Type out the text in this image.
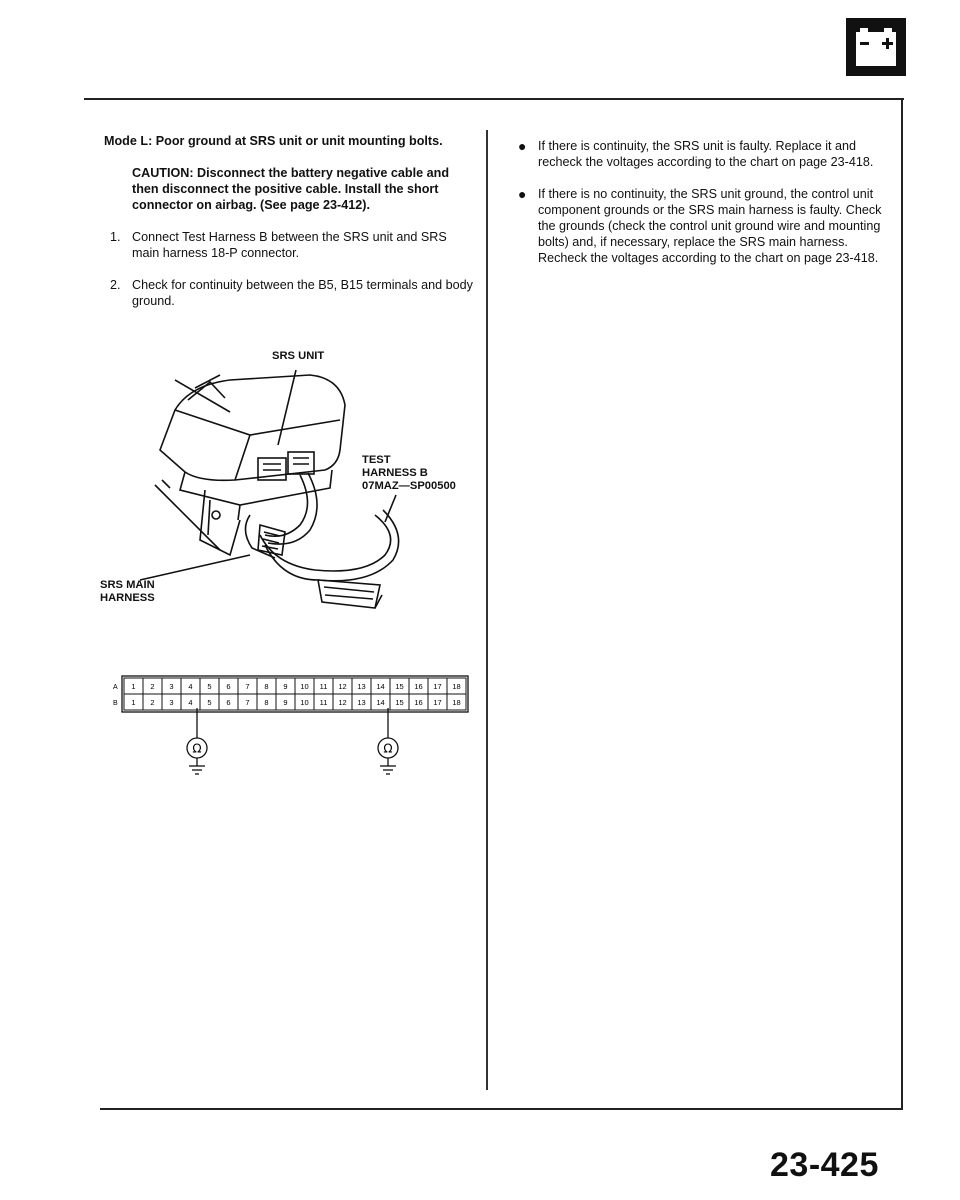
Mode L: Poor ground at SRS unit or unit mounting bolts.

CAUTION: Disconnect the battery negative cable and then disconnect the positive cable. Install the short connector on airbag. (See page 23-412).

1. Connect Test Harness B between the SRS unit and SRS main harness 18-P connector.
2. Check for continuity between the B5, B15 terminals and body ground.
SRS UNIT
TEST
HARNESS B
07MAZ—SP00500
SRS MAIN
HARNESS
A 1 2 3 4 5 6 7 8 9 10 11 12 13 14 15 16 17 18
B 1 2 3 4 5 6 7 8 9 10 11 12 13 14 15 16 17 18
Ω	Ω
● If there is continuity, the SRS unit is faulty. Replace it and recheck the voltages according to the chart on page 23-418.
● If there is no continuity, the SRS unit ground, the control unit component grounds or the SRS main harness is faulty. Check the grounds (check the control unit ground wire and mounting bolts) and, if necessary, replace the SRS main harness. Recheck the voltages according to the chart on page 23-418.
23-425
